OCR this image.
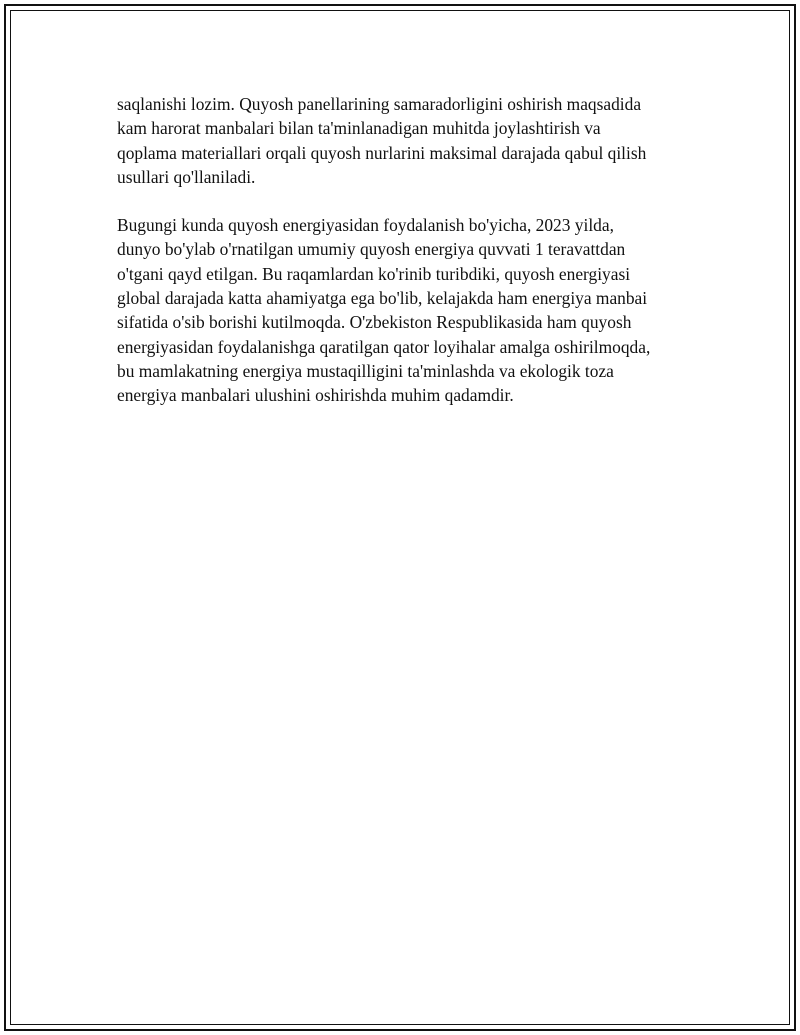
saqlanishi lozim. Quyosh panellarining samaradorligini oshirish maqsadida
kam harorat manbalari bilan ta'minlanadigan muhitda joylashtirish va
qoplama materiallari orqali quyosh nurlarini maksimal darajada qabul qilish
usullari qo'llaniladi.

Bugungi kunda quyosh energiyasidan foydalanish bo'yicha, 2023 yilda,
dunyo bo'ylab o'rnatilgan umumiy quyosh energiya quvvati 1 teravattdan
o'tgani qayd etilgan. Bu raqamlardan ko'rinib turibdiki, quyosh energiyasi
global darajada katta ahamiyatga ega bo'lib, kelajakda ham energiya manbai
sifatida o'sib borishi kutilmoqda. O'zbekiston Respublikasida ham quyosh
energiyasidan foydalanishga qaratilgan qator loyihalar amalga oshirilmoqda,
bu mamlakatning energiya mustaqilligini ta'minlashda va ekologik toza
energiya manbalari ulushini oshirishda muhim qadamdir.
